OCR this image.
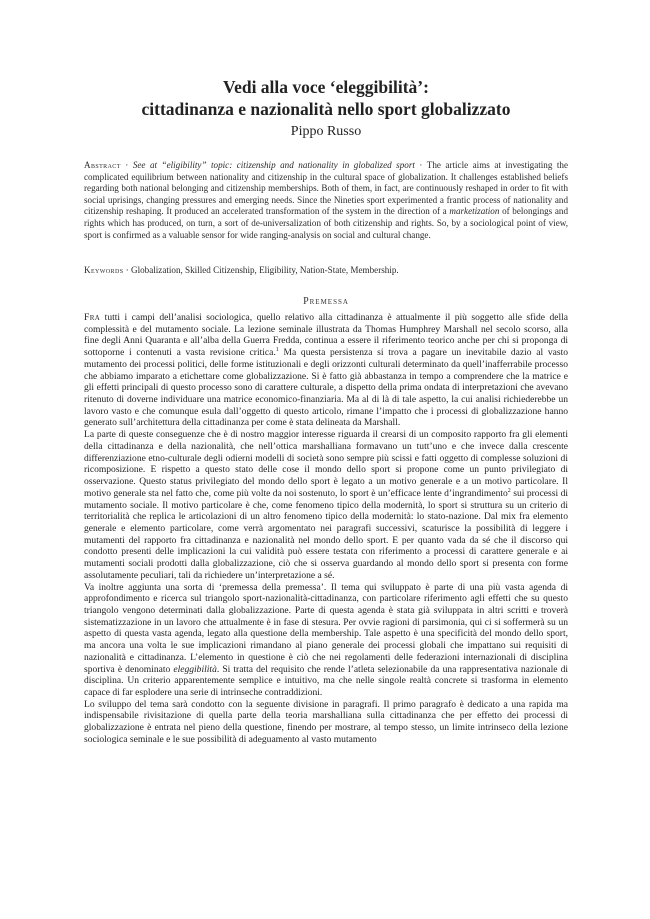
Vedi alla voce ‘eleggibilità’:
cittadinanza e nazionalità nello sport globalizzato
Pippo Russo
Abstract · See at “eligibility” topic: citizenship and nationality in globalized sport · The article aims at investigating the complicated equilibrium between nationality and citizenship in the cultural space of globalization. It challenges established beliefs regarding both national belonging and citizenship memberships. Both of them, in fact, are continuously reshaped in order to fit with social uprisings, changing pressures and emerging needs. Since the Nineties sport experimented a frantic process of nationality and citizenship reshaping. It produced an accelerated transformation of the system in the direction of a marketization of belongings and rights which has produced, on turn, a sort of de-universalization of both citizenship and rights. So, by a sociological point of view, sport is confirmed as a valuable sensor for wide ranging-analysis on social and cultural change.
Keywords · Globalization, Skilled Citizenship, Eligibility, Nation-State, Membership.
Premessa

Fra tutti i campi dell’analisi sociologica, quello relativo alla cittadinanza è attualmente il più soggetto alle sfide della complessità e del mutamento sociale. La lezione seminale illustrata da Thomas Humphrey Marshall nel secolo scorso, alla fine degli Anni Quaranta e all’alba della Guerra Fredda, continua a essere il riferimento teorico anche per chi si proponga di sottoporne i contenuti a vasta revisione critica.$^1$ Ma questa persistenza si trova a pagare un inevitabile dazio al vasto mutamento dei processi politici, delle forme istituzionali e degli orizzonti culturali determinato da quell’inafferrabile processo che abbiamo imparato a etichettare come globalizzazione. Si è fatto già abbastanza in tempo a comprendere che la matrice e gli effetti principali di questo processo sono di carattere culturale, a dispetto della prima ondata di interpretazioni che avevano ritenuto di doverne individuare una matrice economico-finanziaria. Ma al di là di tale aspetto, la cui analisi richiederebbe un lavoro vasto e che comunque esula dall’oggetto di questo articolo, rimane l’impatto che i processi di globalizzazione hanno generato sull’architettura della cittadinanza per come è stata delineata da Marshall.

La parte di queste conseguenze che è di nostro maggior interesse riguarda il crearsi di un composito rapporto fra gli elementi della cittadinanza e della nazionalità, che nell’ottica marshalliana formavano un tutt’uno e che invece dalla crescente differenziazione etno-culturale degli odierni modelli di società sono sempre più scissi e fatti oggetto di complesse soluzioni di ricomposizione. E rispetto a questo stato delle cose il mondo dello sport si propone come un punto privilegiato di osservazione. Questo status privilegiato del mondo dello sport è legato a un motivo generale e a un motivo particolare. Il motivo generale sta nel fatto che, come più volte da noi sostenuto, lo sport è un’efficace lente d’ingrandimento$^2$ sui processi di mutamento sociale. Il motivo particolare è che, come fenomeno tipico della modernità, lo sport si struttura su un criterio di territorialità che replica le articolazioni di un altro fenomeno tipico della modernità: lo stato-nazione. Dal mix fra elemento generale e elemento particolare, come verrà argomentato nei paragrafi successivi, scaturisce la possibilità di leggere i mutamenti del rapporto fra cittadinanza e nazionalità nel mondo dello sport. E per quanto vada da sé che il discorso qui condotto presenti delle implicazioni la cui validità può essere testata con riferimento a processi di carattere generale e ai mutamenti sociali prodotti dalla globalizzazione, ciò che si osserva guardando al mondo dello sport si presenta con forme assolutamente peculiari, tali da richiedere un’interpretazione a sé.

Va inoltre aggiunta una sorta di ‘premessa della premessa’. Il tema qui sviluppato è parte di una più vasta agenda di approfondimento e ricerca sul triangolo sport-nazionalità-cittadinanza, con particolare riferimento agli effetti che su questo triangolo vengono determinati dalla globalizzazione. Parte di questa agenda è stata già sviluppata in altri scritti e troverà sistematizzazione in un lavoro che attualmente è in fase di stesura. Per ovvie ragioni di parsimonia, qui ci si soffermerà su un aspetto di questa vasta agenda, legato alla questione della membership. Tale aspetto è una specificità del mondo dello sport, ma ancora una volta le sue implicazioni rimandano al piano generale dei processi globali che impattano sui requisiti di nazionalità e cittadinanza. L’elemento in questione è ciò che nei regolamenti delle federazioni internazionali di disciplina sportiva è denominato eleggibilità. Si tratta del requisito che rende l’atleta selezionabile da una rappresentativa nazionale di disciplina. Un criterio apparentemente semplice e intuitivo, ma che nelle singole realtà concrete si trasforma in elemento capace di far esplodere una serie di intrinseche contraddizioni.

Lo sviluppo del tema sarà condotto con la seguente divisione in paragrafi. Il primo paragrafo è dedicato a una rapida ma indispensabile rivisitazione di quella parte della teoria marshalliana sulla cittadinanza che per effetto dei processi di globalizzazione è entrata nel pieno della questione, finendo per mostrare, al tempo stesso, un limite intrinseco della lezione sociologica seminale e le sue possibilità di adeguamento al vasto mutamento
